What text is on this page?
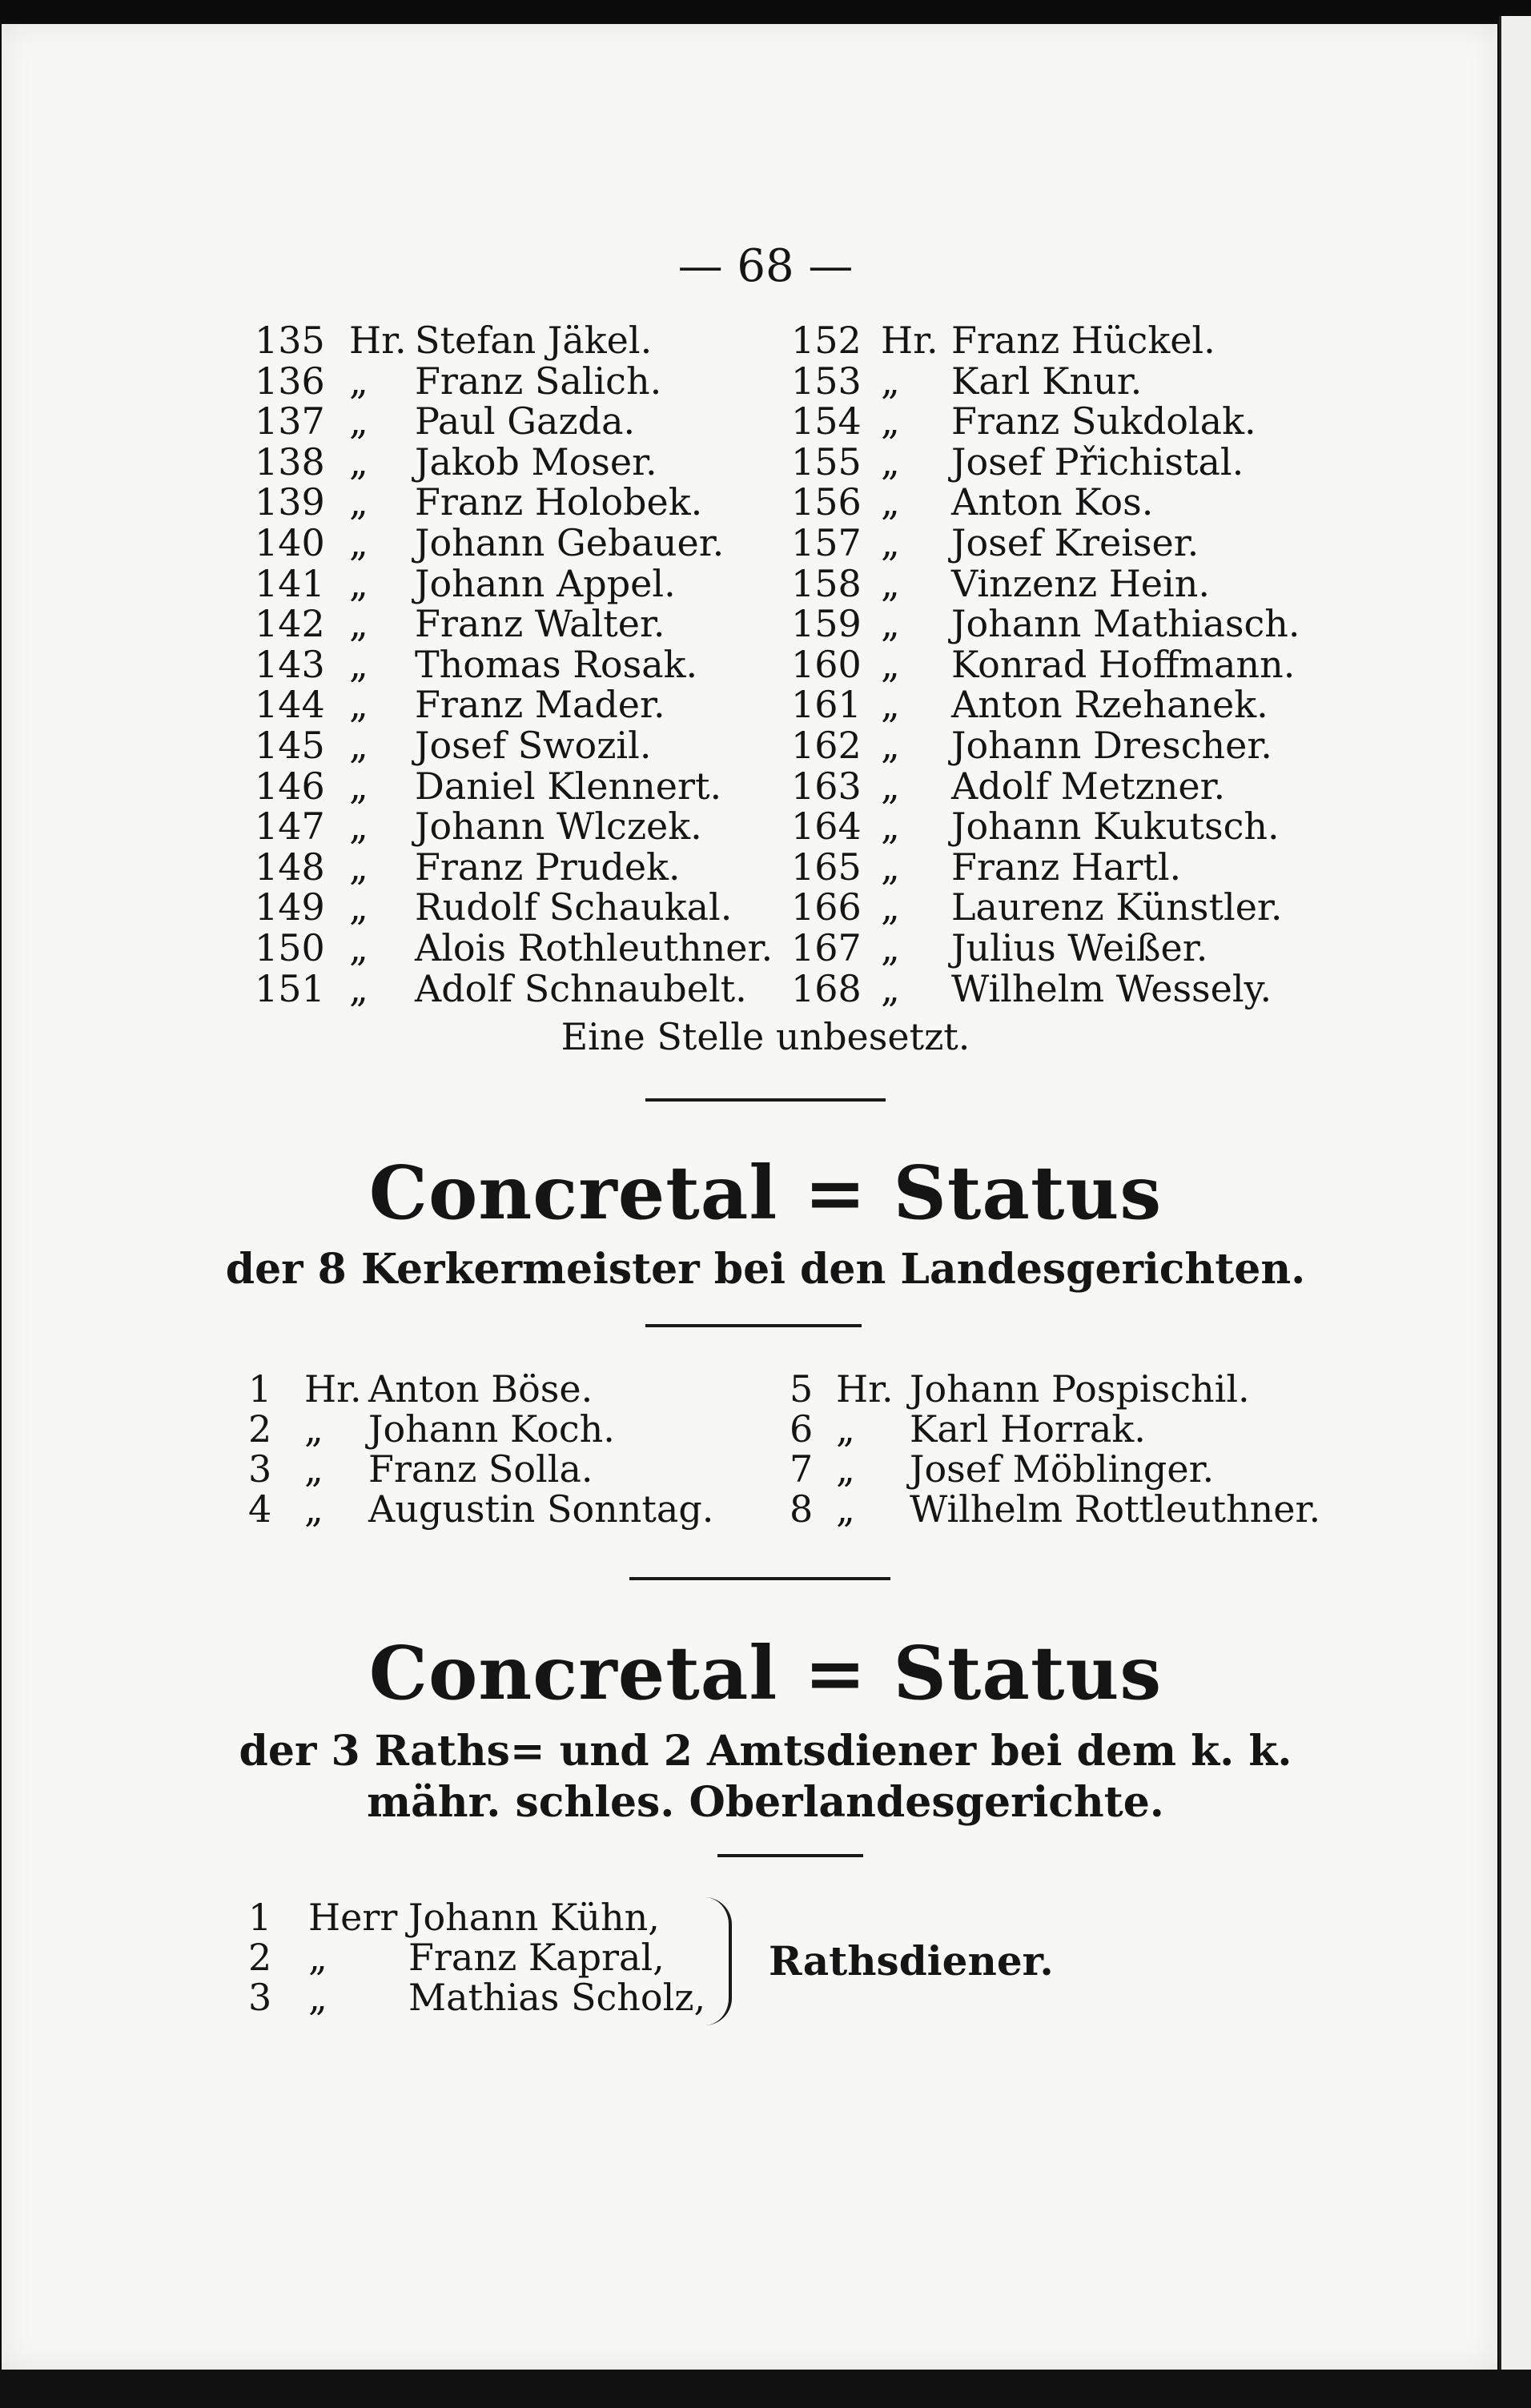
— 68 —
135 Hr. Stefan Jäkel.
136 „ Franz Salich.
137 „ Paul Gazda.
138 „ Jakob Moser.
139 „ Franz Holobek.
140 „ Johann Gebauer.
141 „ Johann Appel.
142 „ Franz Walter.
143 „ Thomas Rosak.
144 „ Franz Mader.
145 „ Josef Swozil.
146 „ Daniel Klennert.
147 „ Johann Wlczek.
148 „ Franz Prudek.
149 „ Rudolf Schaukal.
150 „ Alois Rothleuthner.
151 „ Adolf Schnaubelt.
152 Hr. Franz Hückel.
153 „ Karl Knur.
154 „ Franz Sukdolak.
155 „ Josef Přichistal.
156 „ Anton Kos.
157 „ Josef Kreiser.
158 „ Vinzenz Hein.
159 „ Johann Mathiasch.
160 „ Konrad Hoffmann.
161 „ Anton Rzehanek.
162 „ Johann Drescher.
163 „ Adolf Metzner.
164 „ Johann Kukutsch.
165 „ Franz Hartl.
166 „ Laurenz Künstler.
167 „ Julius Weißer.
168 „ Wilhelm Wessely.
Eine Stelle unbesetzt.
Concretal = Status
der 8 Kerkermeister bei den Landesgerichten.
1 Hr. Anton Böse.
2 „ Johann Koch.
3 „ Franz Solla.
4 „ Augustin Sonntag.
5 Hr. Johann Pospischil.
6 „ Karl Horrak.
7 „ Josef Möblinger.
8 „ Wilhelm Rottleuthner.
Concretal = Status
der 3 Raths= und 2 Amtsdiener bei dem k. k.
mähr. schles. Oberlandesgerichte.
1 Herr Johann Kühn,
2 „ Franz Kapral,
3 „ Mathias Scholz,
Rathsdiener.
